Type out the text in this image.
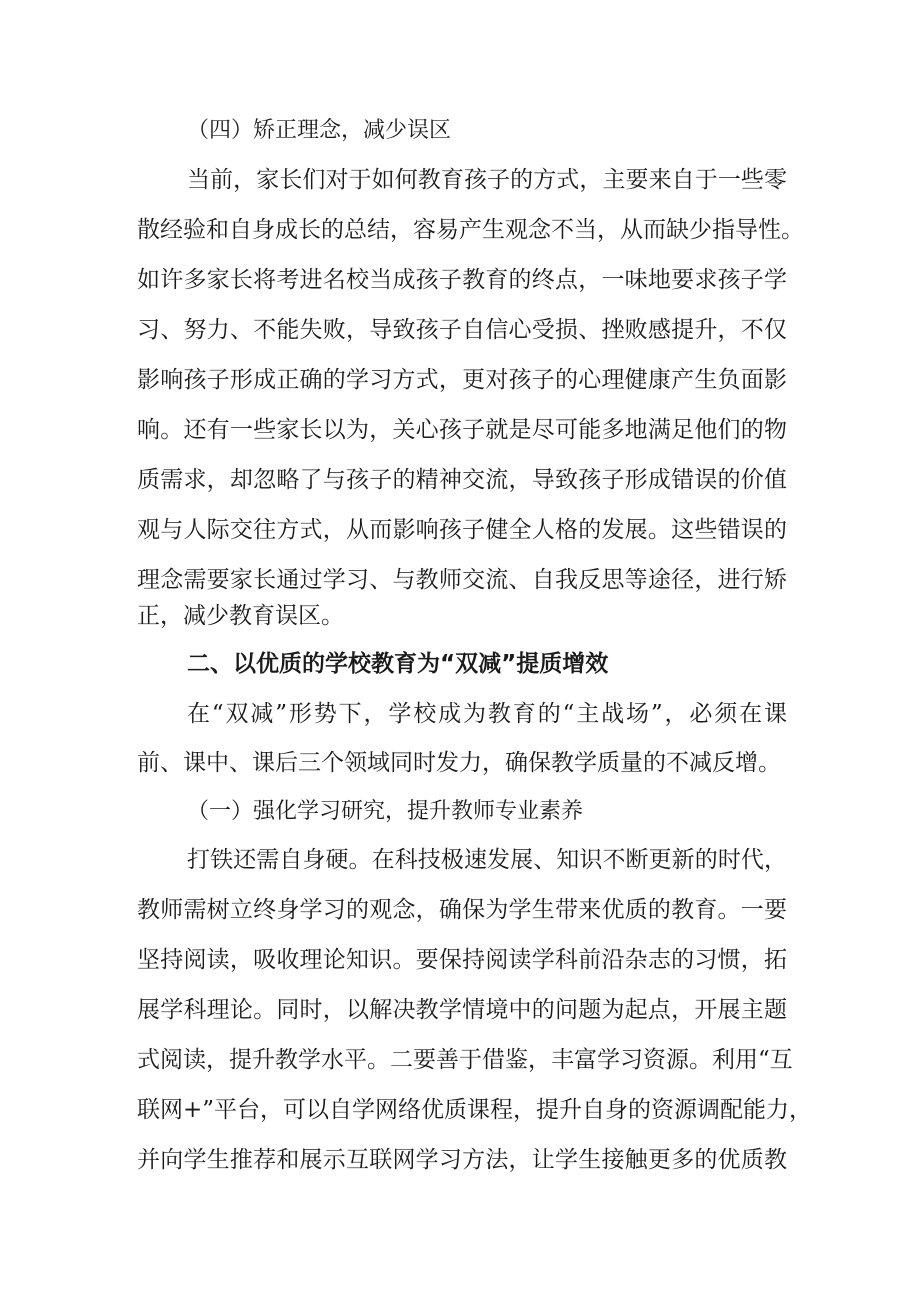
（四）矫正理念，减少误区
当前，家长们对于如何教育孩子的方式，主要来自于一些零
散经验和自身成长的总结，容易产生观念不当，从而缺少指导性。
如许多家长将考进名校当成孩子教育的终点，一味地要求孩子学
习、努力、不能失败，导致孩子自信心受损、挫败感提升，不仅
影响孩子形成正确的学习方式，更对孩子的心理健康产生负面影
响。还有一些家长以为，关心孩子就是尽可能多地满足他们的物
质需求，却忽略了与孩子的精神交流，导致孩子形成错误的价值
观与人际交往方式，从而影响孩子健全人格的发展。这些错误的
理念需要家长通过学习、与教师交流、自我反思等途径，进行矫
正，减少教育误区。
二、以优质的学校教育为“双减”提质增效
在“双减”形势下，学校成为教育的“主战场”，必须在课
前、课中、课后三个领域同时发力，确保教学质量的不减反增。
（一）强化学习研究，提升教师专业素养
打铁还需自身硬。在科技极速发展、知识不断更新的时代，
教师需树立终身学习的观念，确保为学生带来优质的教育。一要
坚持阅读，吸收理论知识。要保持阅读学科前沿杂志的习惯，拓
展学科理论。同时，以解决教学情境中的问题为起点，开展主题
式阅读，提升教学水平。二要善于借鉴，丰富学习资源。利用“互
联网+”平台，可以自学网络优质课程，提升自身的资源调配能力，
并向学生推荐和展示互联网学习方法，让学生接触更多的优质教
